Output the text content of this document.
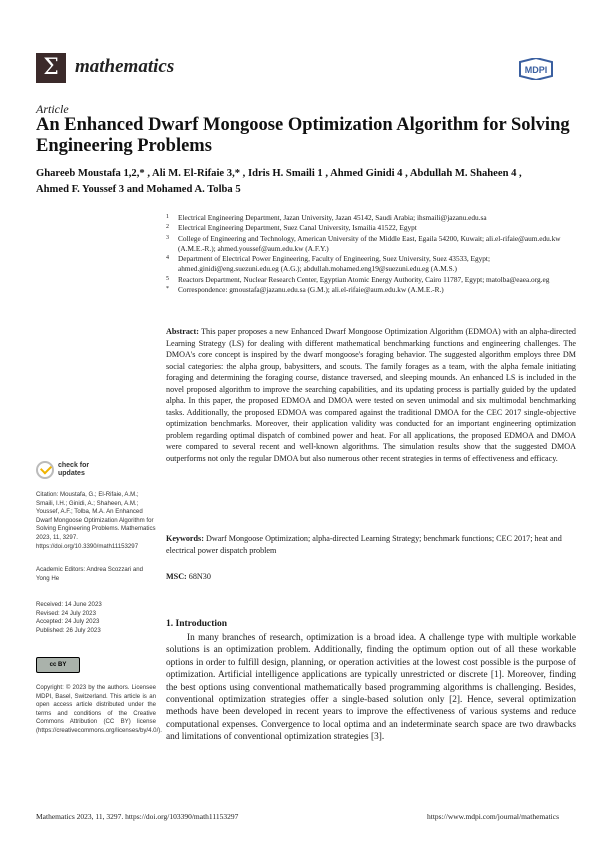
Σ mathematics	MDPI
Article
An Enhanced Dwarf Mongoose Optimization Algorithm for Solving Engineering Problems
Ghareeb Moustafa 1,2,* , Ali M. El-Rifaie 3,* , Idris H. Smaili 1 , Ahmed Ginidi 4 , Abdullah M. Shaheen 4 ,
Ahmed F. Youssef 3 and Mohamed A. Tolba 5
1 Electrical Engineering Department, Jazan University, Jazan 45142, Saudi Arabia; ihsmaili@jazanu.edu.sa
2 Electrical Engineering Department, Suez Canal University, Ismailia 41522, Egypt
3 College of Engineering and Technology, American University of the Middle East, Egaila 54200, Kuwait; ali.el-rifaie@aum.edu.kw (A.M.E.-R.); ahmed.youssef@aum.edu.kw (A.F.Y.)
4 Department of Electrical Power Engineering, Faculty of Engineering, Suez University, Suez 43533, Egypt; ahmed.ginidi@eng.suezuni.edu.eg (A.G.); abdullah.mohamed.eng19@suezuni.edu.eg (A.M.S.)
5 Reactors Department, Nuclear Research Center, Egyptian Atomic Energy Authority, Cairo 11787, Egypt; matolba@eaea.org.eg
* Correspondence: gmoustafa@jazanu.edu.sa (G.M.); ali.el-rifaie@aum.edu.kw (A.M.E.-R.)
check for
updates
Citation: Moustafa, G.; El-Rifaie, A.M.; Smaili, I.H.; Ginidi, A.; Shaheen, A.M.; Youssef, A.F.; Tolba, M.A. An Enhanced Dwarf Mongoose Optimization Algorithm for Solving Engineering Problems. Mathematics 2023, 11, 3297. https://doi.org/10.3390/math11153297
Academic Editors: Andrea Scozzari and Yong He
Received: 14 June 2023
Revised: 24 July 2023
Accepted: 24 July 2023
Published: 26 July 2023
cc BY
Copyright: © 2023 by the authors. Licensee MDPI, Basel, Switzerland. This article is an open access article distributed under the terms and conditions of the Creative Commons Attribution (CC BY) license (https://creativecommons.org/licenses/by/4.0/).
Abstract: This paper proposes a new Enhanced Dwarf Mongoose Optimization Algorithm (EDMOA) with an alpha-directed Learning Strategy (LS) for dealing with different mathematical benchmarking functions and engineering challenges. The DMOA's core concept is inspired by the dwarf mongoose's foraging behavior. The suggested algorithm employs three DM social categories: the alpha group, babysitters, and scouts. The family forages as a team, with the alpha female initiating foraging and determining the foraging course, distance traversed, and sleeping mounds. An enhanced LS is included in the novel proposed algorithm to improve the searching capabilities, and its updating process is partially guided by the updated alpha. In this paper, the proposed EDMOA and DMOA were tested on seven unimodal and six multimodal benchmarking tasks. Additionally, the proposed EDMOA was compared against the traditional DMOA for the CEC 2017 single-objective optimization benchmarks. Moreover, their application validity was conducted for an important engineering optimization problem regarding optimal dispatch of combined power and heat. For all applications, the proposed EDMOA and DMOA were compared to several recent and well-known algorithms. The simulation results show that the suggested DMOA outperforms not only the regular DMOA but also numerous other recent strategies in terms of effectiveness and efficacy.
Keywords: Dwarf Mongoose Optimization; alpha-directed Learning Strategy; benchmark functions; CEC 2017; heat and electrical power dispatch problem
MSC: 68N30
1. Introduction

In many branches of research, optimization is a broad idea. A challenge type with multiple workable solutions is an optimization problem. Additionally, finding the optimum option out of all these workable options in order to fulfill design, planning, or operation activities at the lowest cost possible is the purpose of optimization. Artificial intelligence applications are typically unrestricted or discrete [1]. Moreover, finding the best options using conventional mathematically based programming algorithms is challenging. Besides, conventional optimization strategies offer a single-based solution only [2]. Hence, several optimization methods have been developed in recent years to improve the effectiveness of various systems and reduce computational expenses. Convergence to local optima and an indeterminate search space are two drawbacks and limitations of conventional optimization strategies [3].

Mathematics 2023, 11, 3297. https://doi.org/103390/math11153297	https://www.mdpi.com/journal/mathematics
